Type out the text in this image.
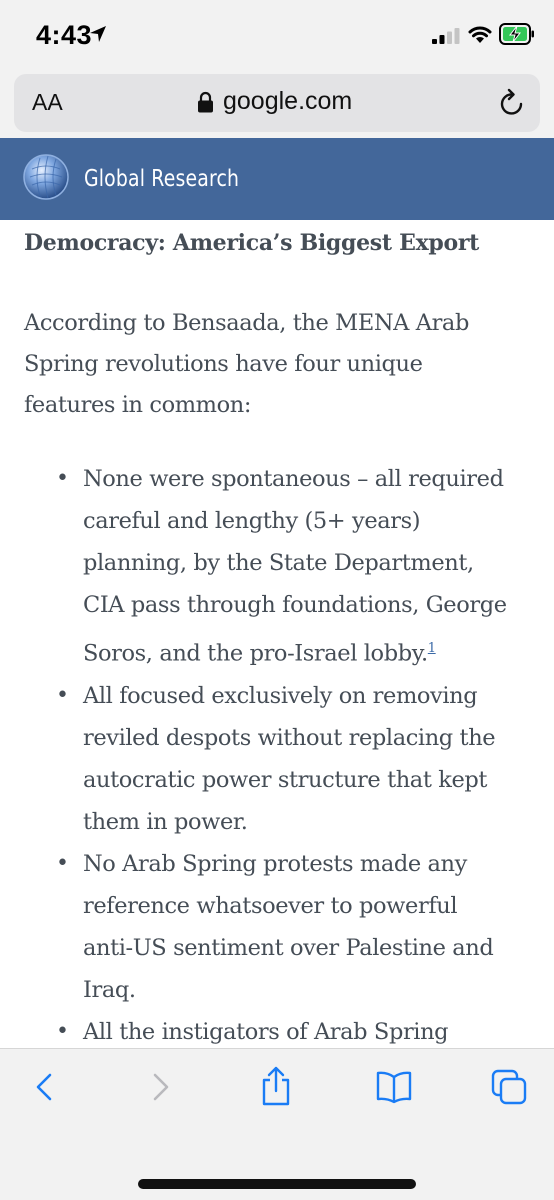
4:43
AA	google.com
Global Research
Democracy: America’s Biggest Export

According to Bensaada, the MENA Arab
Spring revolutions have four unique
features in common:

• None were spontaneous – all required
careful and lengthy (5+ years)
planning, by the State Department,
CIA pass through foundations, George
Soros, and the pro-Israel lobby.$^1$
• All focused exclusively on removing
reviled despots without replacing the
autocratic power structure that kept
them in power.
• No Arab Spring protests made any
reference whatsoever to powerful
anti-US sentiment over Palestine and
Iraq.
• All the instigators of Arab Spring
